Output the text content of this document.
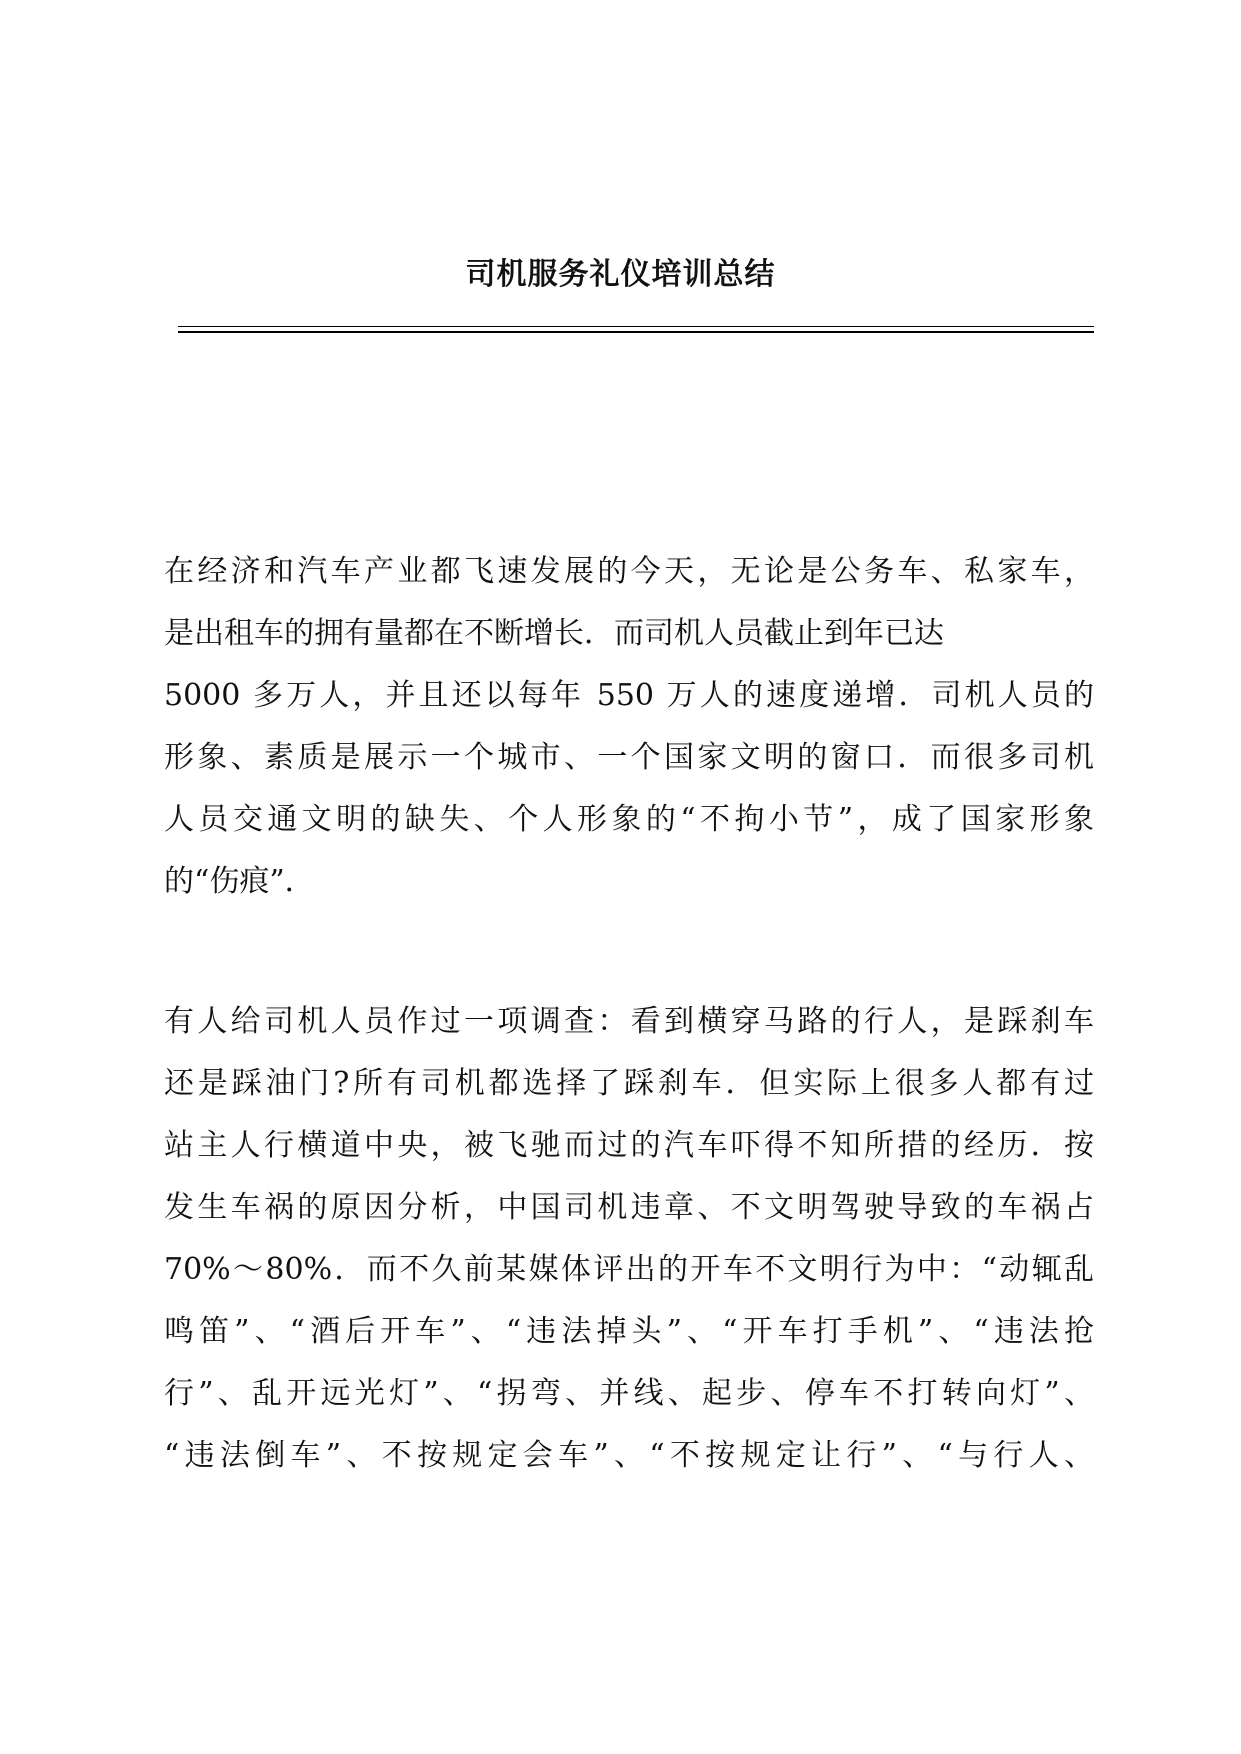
司机服务礼仪培训总结
在经济和汽车产业都飞速发展的今天，无论是公务车、私家车，
是出租车的拥有量都在不断增长．而司机人员截止到年已达
5000 多万人，并且还以每年 550 万人的速度递增．司机人员的
形象、素质是展示一个城市、一个国家文明的窗口．而很多司机
人员交通文明的缺失、个人形象的“不拘小节”，成了国家形象
的“伤痕”．
有人给司机人员作过一项调查：看到横穿马路的行人，是踩刹车
还是踩油门?所有司机都选择了踩刹车．但实际上很多人都有过
站主人行横道中央，被飞驰而过的汽车吓得不知所措的经历．按
发生车祸的原因分析，中国司机违章、不文明驾驶导致的车祸占
70%～80%．而不久前某媒体评出的开车不文明行为中：“动辄乱
鸣笛”、“酒后开车”、“违法掉头”、“开车打手机”、“违法抢
行”、乱开远光灯”、“拐弯、并线、起步、停车不打转向灯”、
“违法倒车”、不按规定会车”、“不按规定让行”、“与行人、
